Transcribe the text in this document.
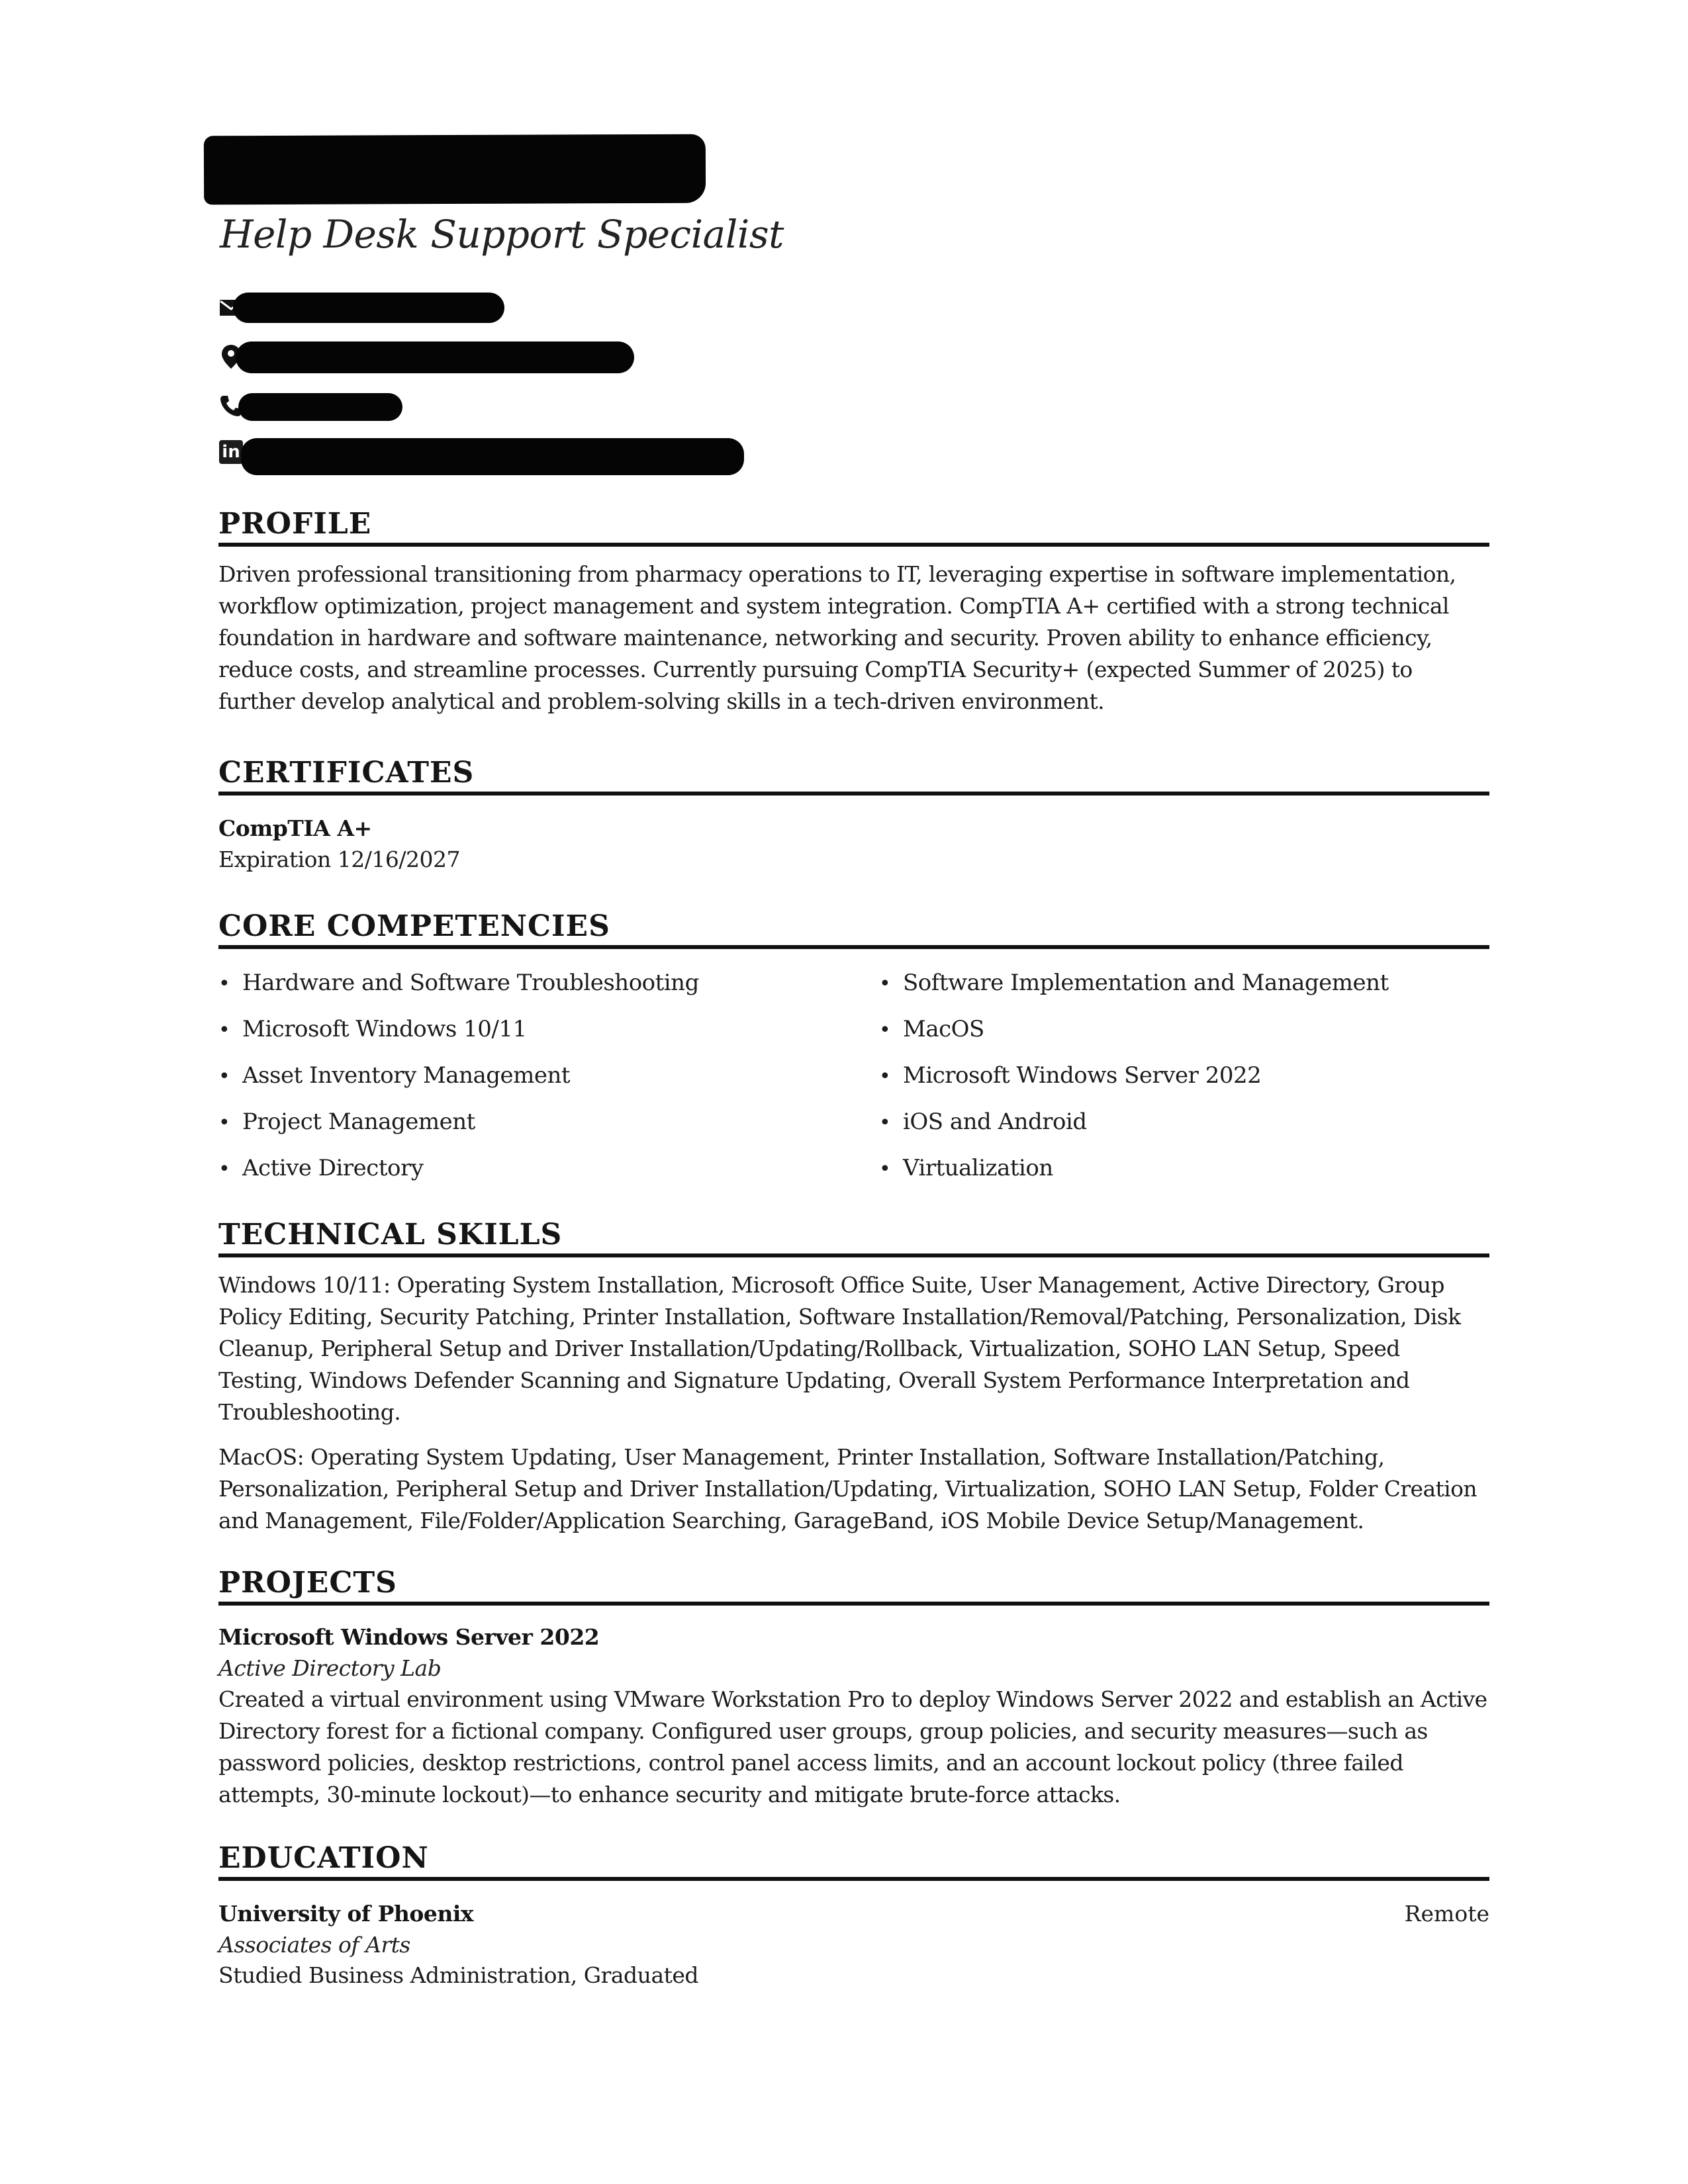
Help Desk Support Specialist
in
PROFILE

Driven professional transitioning from pharmacy operations to IT, leveraging expertise in software implementation, workflow optimization, project management and system integration. CompTIA A+ certified with a strong technical foundation in hardware and software maintenance, networking and security. Proven ability to enhance efficiency, reduce costs, and streamline processes. Currently pursuing CompTIA Security+ (expected Summer of 2025) to further develop analytical and problem-solving skills in a tech-driven environment.

CERTIFICATES

CompTIA A+

Expiration 12/16/2027

CORE COMPETENCIES
• Hardware and Software Troubleshooting
• Microsoft Windows 10/11
• Asset Inventory Management
• Project Management
• Active Directory
• Software Implementation and Management
• MacOS
• Microsoft Windows Server 2022
• iOS and Android
• Virtualization
TECHNICAL SKILLS

Windows 10/11: Operating System Installation, Microsoft Office Suite, User Management, Active Directory, Group Policy Editing, Security Patching, Printer Installation, Software Installation/Removal/Patching, Personalization, Disk Cleanup, Peripheral Setup and Driver Installation/Updating/Rollback, Virtualization, SOHO LAN Setup, Speed Testing, Windows Defender Scanning and Signature Updating, Overall System Performance Interpretation and Troubleshooting.

MacOS: Operating System Updating, User Management, Printer Installation, Software Installation/Patching, Personalization, Peripheral Setup and Driver Installation/Updating, Virtualization, SOHO LAN Setup, Folder Creation and Management, File/Folder/Application Searching, GarageBand, iOS Mobile Device Setup/Management.

PROJECTS

Microsoft Windows Server 2022

Active Directory Lab

Created a virtual environment using VMware Workstation Pro to deploy Windows Server 2022 and establish an Active Directory forest for a fictional company. Configured user groups, group policies, and security measures—such as password policies, desktop restrictions, control panel access limits, and an account lockout policy (three failed attempts, 30-minute lockout)—to enhance security and mitigate brute-force attacks.

EDUCATION

University of Phoenix	Remote

Associates of Arts

Studied Business Administration, Graduated
